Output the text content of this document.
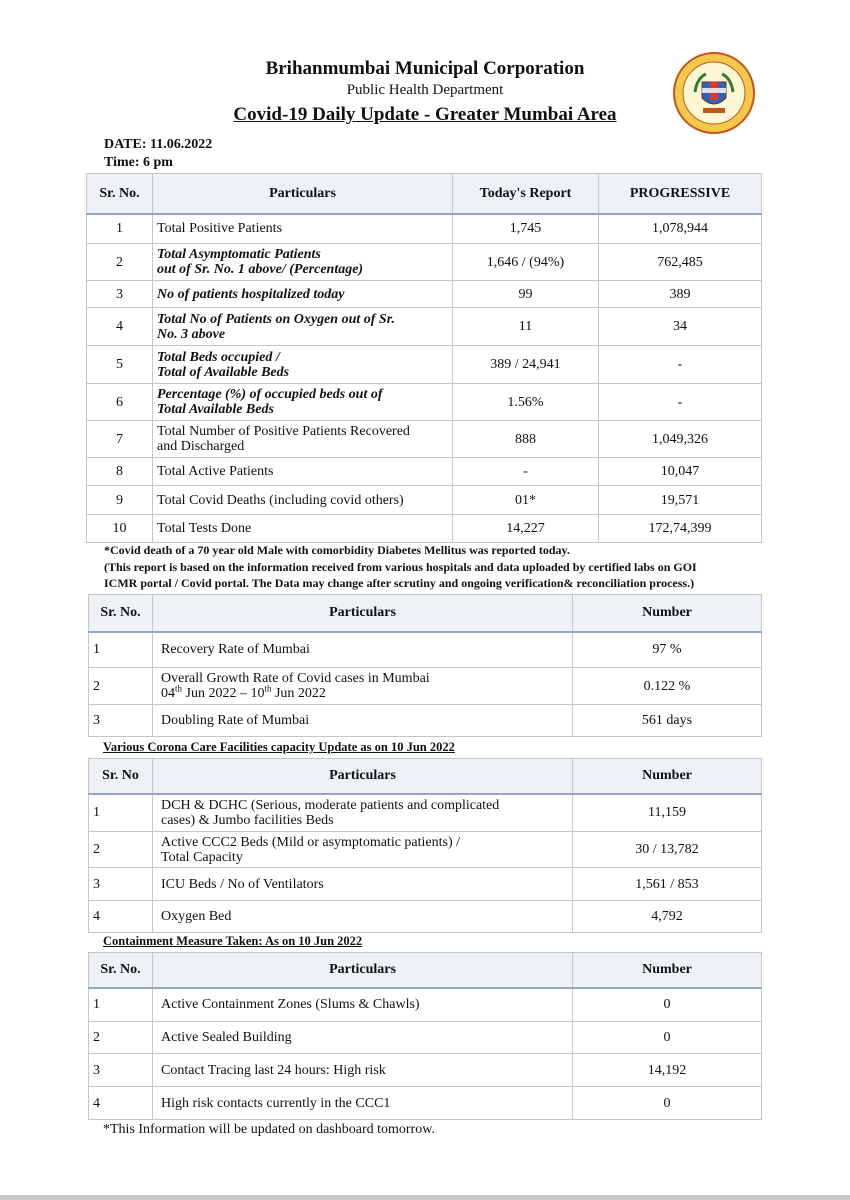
Brihanmumbai Municipal Corporation
Public Health Department
Covid-19 Daily Update - Greater Mumbai Area
DATE: 11.06.2022
Time: 6 pm
Sr. No.	Particulars	Today's Report	PROGRESSIVE
1	Total Positive Patients	1,745	1,078,944
2	Total Asymptomatic Patients
out of Sr. No. 1 above/ (Percentage)	1,646 / (94%)	762,485
3	No of patients hospitalized today	99	389
4	Total No of Patients on Oxygen out of Sr.
No. 3 above	11	34
5	Total Beds occupied /
Total of Available Beds	389 / 24,941	-
6	Percentage (%) of occupied beds out of
Total Available Beds	1.56%	-
7	Total Number of Positive Patients Recovered
and Discharged	888	1,049,326
8	Total Active Patients	-	10,047
9	Total Covid Deaths (including covid others)	01*	19,571
10	Total Tests Done	14,227	172,74,399
*Covid death of a 70 year old Male with comorbidity Diabetes Mellitus was reported today.
(This report is based on the information received from various hospitals and data uploaded by certified labs on GOI
ICMR portal / Covid portal. The Data may change after scrutiny and ongoing verification& reconciliation process.)
Sr. No.	Particulars	Number
1	Recovery Rate of Mumbai	97 %
2	Overall Growth Rate of Covid cases in Mumbai
04th Jun 2022 – 10th Jun 2022	0.122 %
3	Doubling Rate of Mumbai	561 days
Various Corona Care Facilities capacity Update as on 10 Jun 2022
Sr. No	Particulars	Number
1	DCH & DCHC (Serious, moderate patients and complicated
cases) & Jumbo facilities Beds	11,159
2	Active CCC2 Beds (Mild or asymptomatic patients) /
Total Capacity	30 / 13,782
3	ICU Beds / No of Ventilators	1,561 / 853
4	Oxygen Bed	4,792
Containment Measure Taken: As on 10 Jun 2022
Sr. No.	Particulars	Number
1	Active Containment Zones (Slums & Chawls)	0
2	Active Sealed Building	0
3	Contact Tracing last 24 hours: High risk	14,192
4	High risk contacts currently in the CCC1	0
*This Information will be updated on dashboard tomorrow.
